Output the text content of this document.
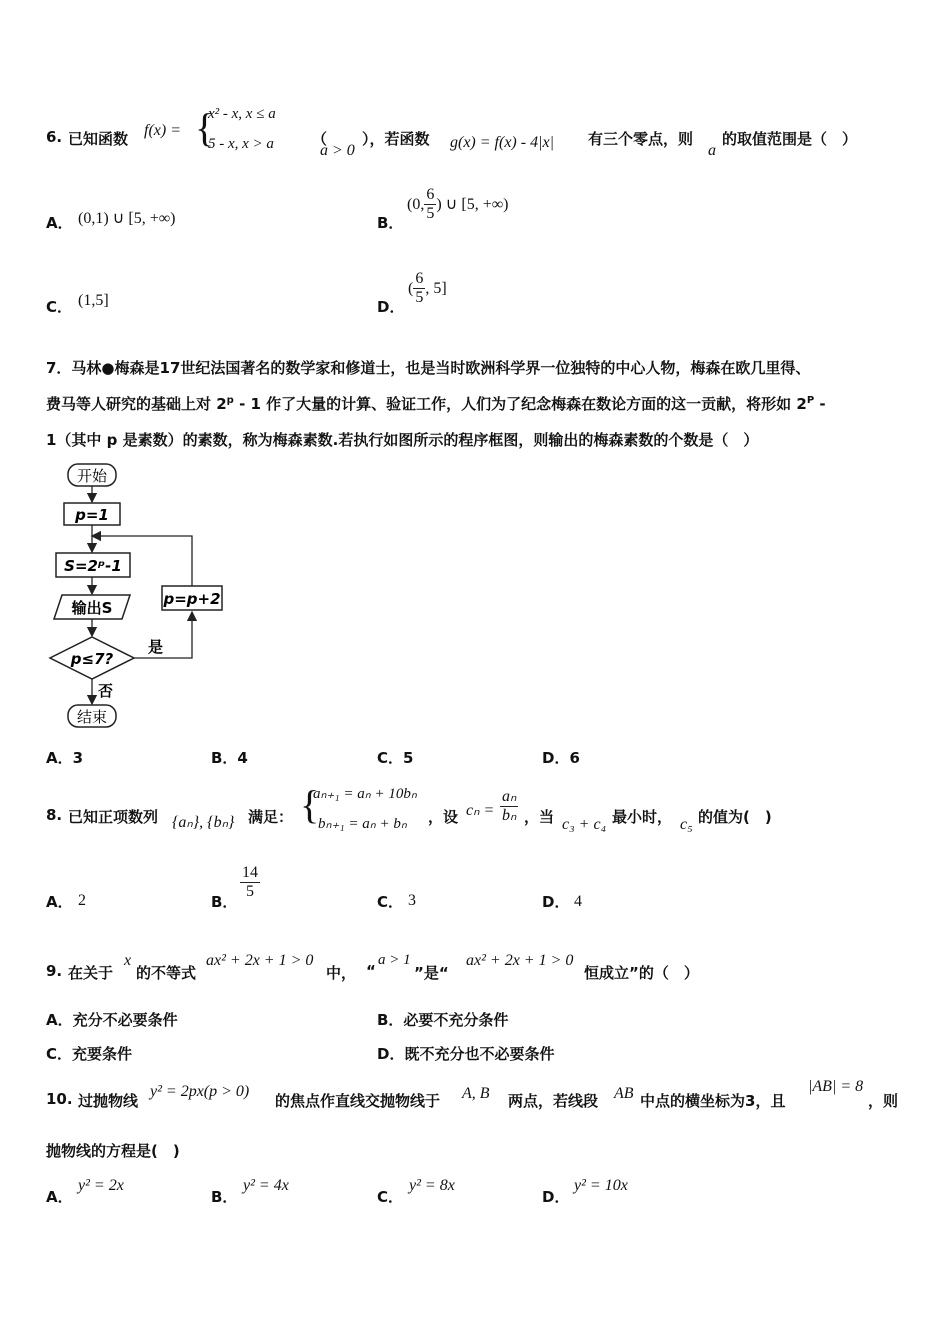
6. 已知函数 f(x) = {
x² - x, x ≤ a
5 - x, x > a	（
a > 0
），若函数 g(x) = f(x) - 4|x| 有三个零点，则
a
的取值范围是（　）
A． (0,1) ∪ [5, +∞)	B．
(0, $\frac{6}{5}$ ) ∪ [5, +∞)
C． (1,5]	D．
( $\frac{6}{5}$ , 5]
7．马林●梅森是17世纪法国著名的数学家和修道士，也是当时欧洲科学界一位独特的中心人物，梅森在欧几里得、
费马等人研究的基础上对 2$^p$ - 1 作了大量的计算、验证工作，人们为了纪念梅森在数论方面的这一贡献，将形如 $2^P$ -
1（其中 p 是素数）的素数，称为梅森素数.若执行如图所示的程序框图，则输出的梅森素数的个数是（　）
开始
p=1
S=2ᵖ-1
输出S
p≤7?
是
p=p+2
否
结束
A．3	B．4	C．5	D．6
8. 已知正项数列 {aₙ}, {bₙ} 满足： {
aₙ₊₁ = aₙ + 10bₙ
bₙ₊₁ = aₙ + bₙ ，设 $c_n = \frac{\text{aₙ}}{\text{bₙ}}$ ，当 c₃ + c₄ 最小时， c₅ 的值为(　)
A． 2	B．
$\frac{14}{5}$
C． 3	D． 4
9. 在关于
x
的不等式
ax² + 2x + 1 > 0
中， “
a > 1
”是“
ax² + 2x + 1 > 0
恒成立”的（　）
A．充分不必要条件	B．必要不充分条件
C．充要条件	D．既不充分也不必要条件
10. 过抛物线
y² = 2px(p > 0)
的焦点作直线交抛物线于 A, B 两点，若线段 AB 中点的横坐标为3，且
|AB| = 8
，则
抛物线的方程是(　)
A．
y² = 2x
B．
y² = 4x
C．
y² = 8x
D．
y² = 10x
